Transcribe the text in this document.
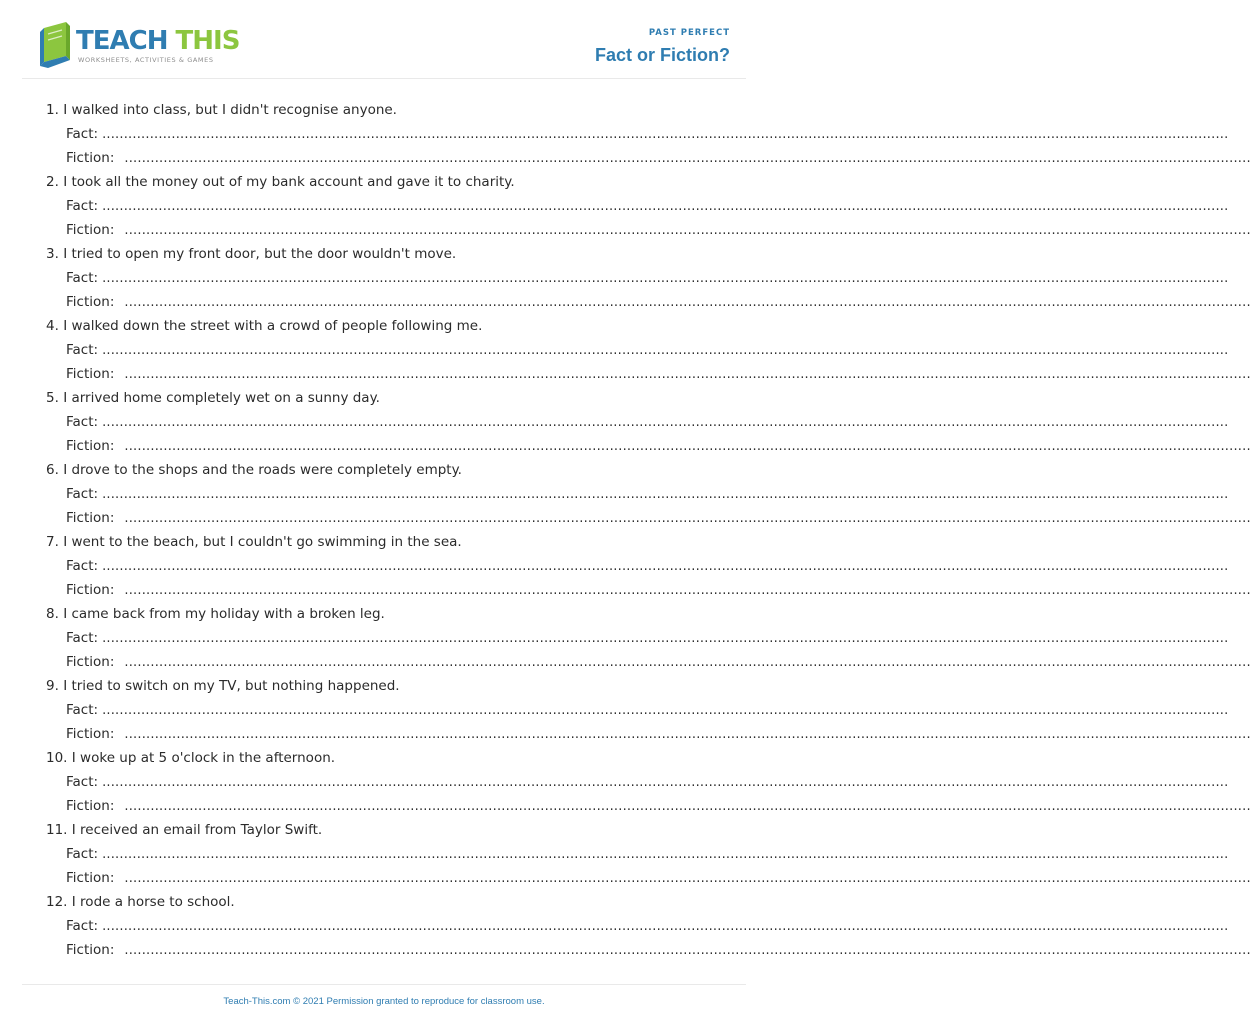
TEACH THIS
WORKSHEETS, ACTIVITIES & GAMES
PAST PERFECT
Fact or Fiction?
1. I walked into class, but I didn't recognise anyone.
Fact: ....................................................................................................................................................................................................................................................................
Fiction: ....................................................................................................................................................................................................................................................................
2. I took all the money out of my bank account and gave it to charity.
Fact: ....................................................................................................................................................................................................................................................................
Fiction: ....................................................................................................................................................................................................................................................................
3. I tried to open my front door, but the door wouldn't move.
Fact: ....................................................................................................................................................................................................................................................................
Fiction: ....................................................................................................................................................................................................................................................................
4. I walked down the street with a crowd of people following me.
Fact: ....................................................................................................................................................................................................................................................................
Fiction: ....................................................................................................................................................................................................................................................................
5. I arrived home completely wet on a sunny day.
Fact: ....................................................................................................................................................................................................................................................................
Fiction: ....................................................................................................................................................................................................................................................................
6. I drove to the shops and the roads were completely empty.
Fact: ....................................................................................................................................................................................................................................................................
Fiction: ....................................................................................................................................................................................................................................................................
7. I went to the beach, but I couldn't go swimming in the sea.
Fact: ....................................................................................................................................................................................................................................................................
Fiction: ....................................................................................................................................................................................................................................................................
8. I came back from my holiday with a broken leg.
Fact: ....................................................................................................................................................................................................................................................................
Fiction: ....................................................................................................................................................................................................................................................................
9. I tried to switch on my TV, but nothing happened.
Fact: ....................................................................................................................................................................................................................................................................
Fiction: ....................................................................................................................................................................................................................................................................
10. I woke up at 5 o'clock in the afternoon.
Fact: ....................................................................................................................................................................................................................................................................
Fiction: ....................................................................................................................................................................................................................................................................
11. I received an email from Taylor Swift.
Fact: ....................................................................................................................................................................................................................................................................
Fiction: ....................................................................................................................................................................................................................................................................
12. I rode a horse to school.
Fact: ....................................................................................................................................................................................................................................................................
Fiction: ....................................................................................................................................................................................................................................................................
Teach-This.com © 2021 Permission granted to reproduce for classroom use.
